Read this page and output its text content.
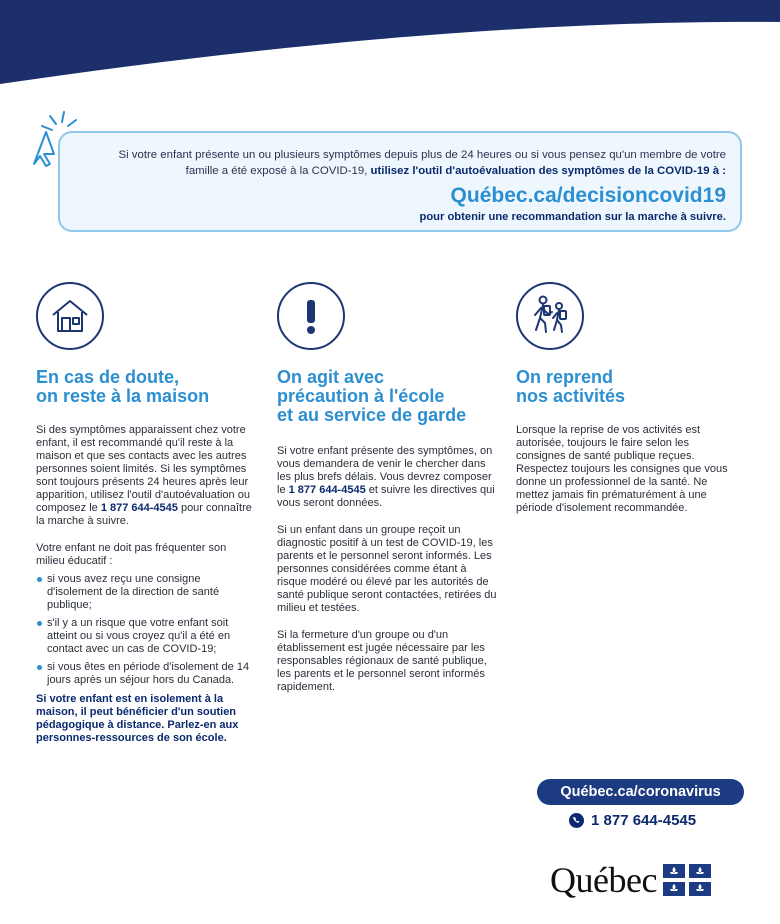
Si votre enfant présente un ou plusieurs symptômes depuis plus de 24 heures ou si vous pensez qu'un membre de votre famille a été exposé à la COVID-19, utilisez l'outil d'autoévaluation des symptômes de la COVID-19 à :
Québec.ca/decisioncovid19
pour obtenir une recommandation sur la marche à suivre.
En cas de doute,
on reste à la maison

Si des symptômes apparaissent chez votre enfant, il est recommandé qu'il reste à la maison et que ses contacts avec les autres personnes soient limités. Si les symptômes sont toujours présents 24 heures après leur apparition, utilisez l'outil d'autoévaluation ou composez le 1 877 644-4545 pour connaître la marche à suivre.

Votre enfant ne doit pas fréquenter son milieu éducatif :

si vous avez reçu une consigne d'isolement de la direction de santé publique;
s'il y a un risque que votre enfant soit atteint ou si vous croyez qu'il a été en contact avec un cas de COVID-19;
si vous êtes en période d'isolement de 14 jours après un séjour hors du Canada.

Si votre enfant est en isolement à la maison, il peut bénéficier d'un soutien pédagogique à distance. Parlez-en aux personnes-ressources de son école.

On agit avec
précaution à l'école
et au service de garde

Si votre enfant présente des symptômes, on vous demandera de venir le chercher dans les plus brefs délais. Vous devrez composer le 1 877 644-4545 et suivre les directives qui vous seront données.

Si un enfant dans un groupe reçoit un diagnostic positif à un test de COVID-19, les parents et le personnel seront informés. Les personnes considérées comme étant à risque modéré ou élevé par les autorités de santé publique seront contactées, retirées du milieu et testées.

Si la fermeture d'un groupe ou d'un établissement est jugée nécessaire par les responsables régionaux de santé publique, les parents et le personnel seront informés rapidement.

On reprend
nos activités

Lorsque la reprise de vos activités est autorisée, toujours le faire selon les consignes de santé publique reçues. Respectez toujours les consignes que vous donne un professionnel de la santé. Ne mettez jamais fin prématurément à une période d'isolement recommandée.

Québec.ca/coronavirus
1 877 644-4545
Québec
